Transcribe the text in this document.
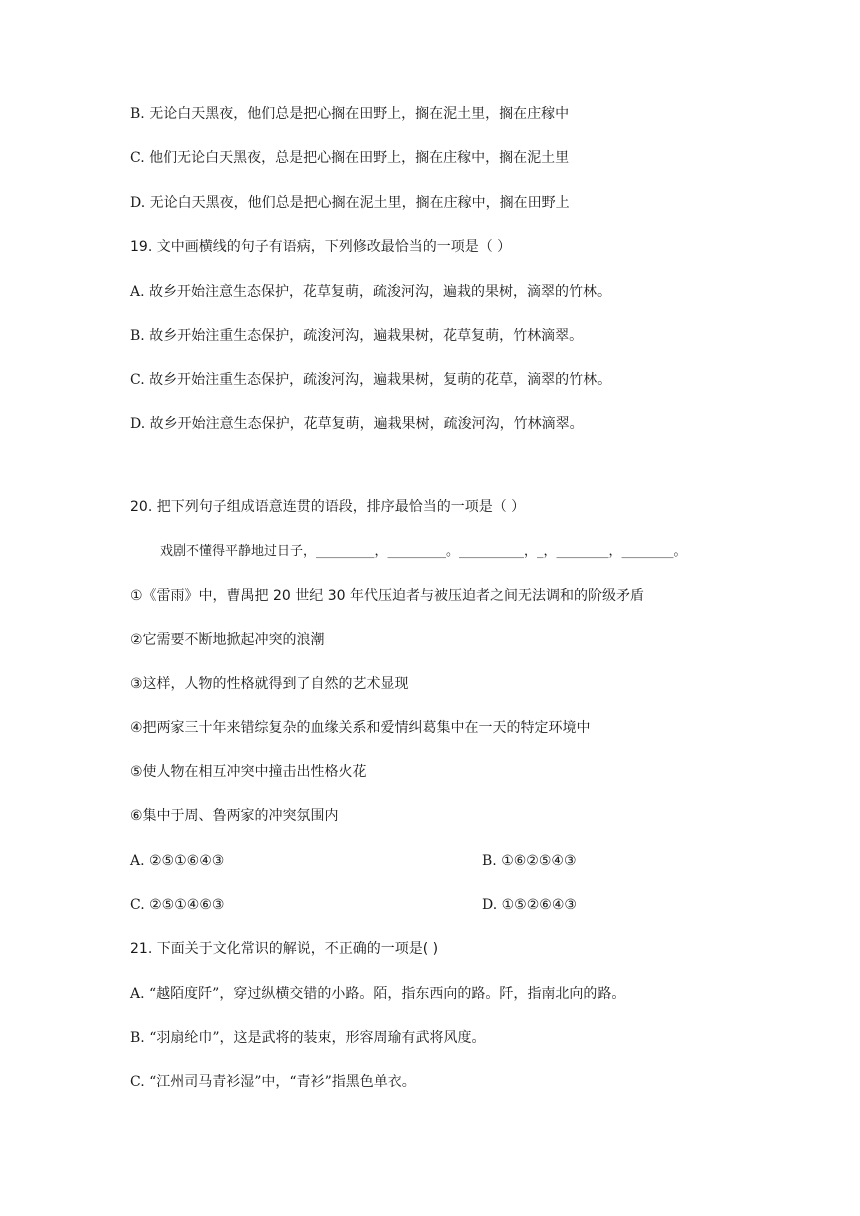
B. 无论白天黑夜，他们总是把心搁在田野上，搁在泥土里，搁在庄稼中
C. 他们无论白天黑夜，总是把心搁在田野上，搁在庄稼中，搁在泥土里
D. 无论白天黑夜，他们总是把心搁在泥土里，搁在庄稼中，搁在田野上
19. 文中画横线的句子有语病，下列修改最恰当的一项是（ ）
A. 故乡开始注意生态保护，花草复萌，疏浚河沟，遍栽的果树，滴翠的竹林。
B. 故乡开始注重生态保护，疏浚河沟，遍栽果树，花草复萌，竹林滴翠。
C. 故乡开始注重生态保护，疏浚河沟，遍栽果树，复萌的花草，滴翠的竹林。
D. 故乡开始注意生态保护，花草复萌，遍栽果树，疏浚河沟，竹林滴翠。
20. 把下列句子组成语意连贯的语段，排序最恰当的一项是（ ）
戏剧不懂得平静地过日子，_________，_________。__________，_，________，________。
①《雷雨》中，曹禺把 20 世纪 30 年代压迫者与被压迫者之间无法调和的阶级矛盾
②它需要不断地掀起冲突的浪潮
③这样，人物的性格就得到了自然的艺术显现
④把两家三十年来错综复杂的血缘关系和爱情纠葛集中在一天的特定环境中
⑤使人物在相互冲突中撞击出性格火花
⑥集中于周、鲁两家的冲突氛围内
A. ②⑤①⑥④③	B. ①⑥②⑤④③
C. ②⑤①④⑥③	D. ①⑤②⑥④③
21. 下面关于文化常识的解说，不正确的一项是( )
A. “越陌度阡”，穿过纵横交错的小路。陌，指东西向的路。阡，指南北向的路。
B. “羽扇纶巾”，这是武将的装束，形容周瑜有武将风度。
C. “江州司马青衫湿”中，“青衫”指黑色单衣。
